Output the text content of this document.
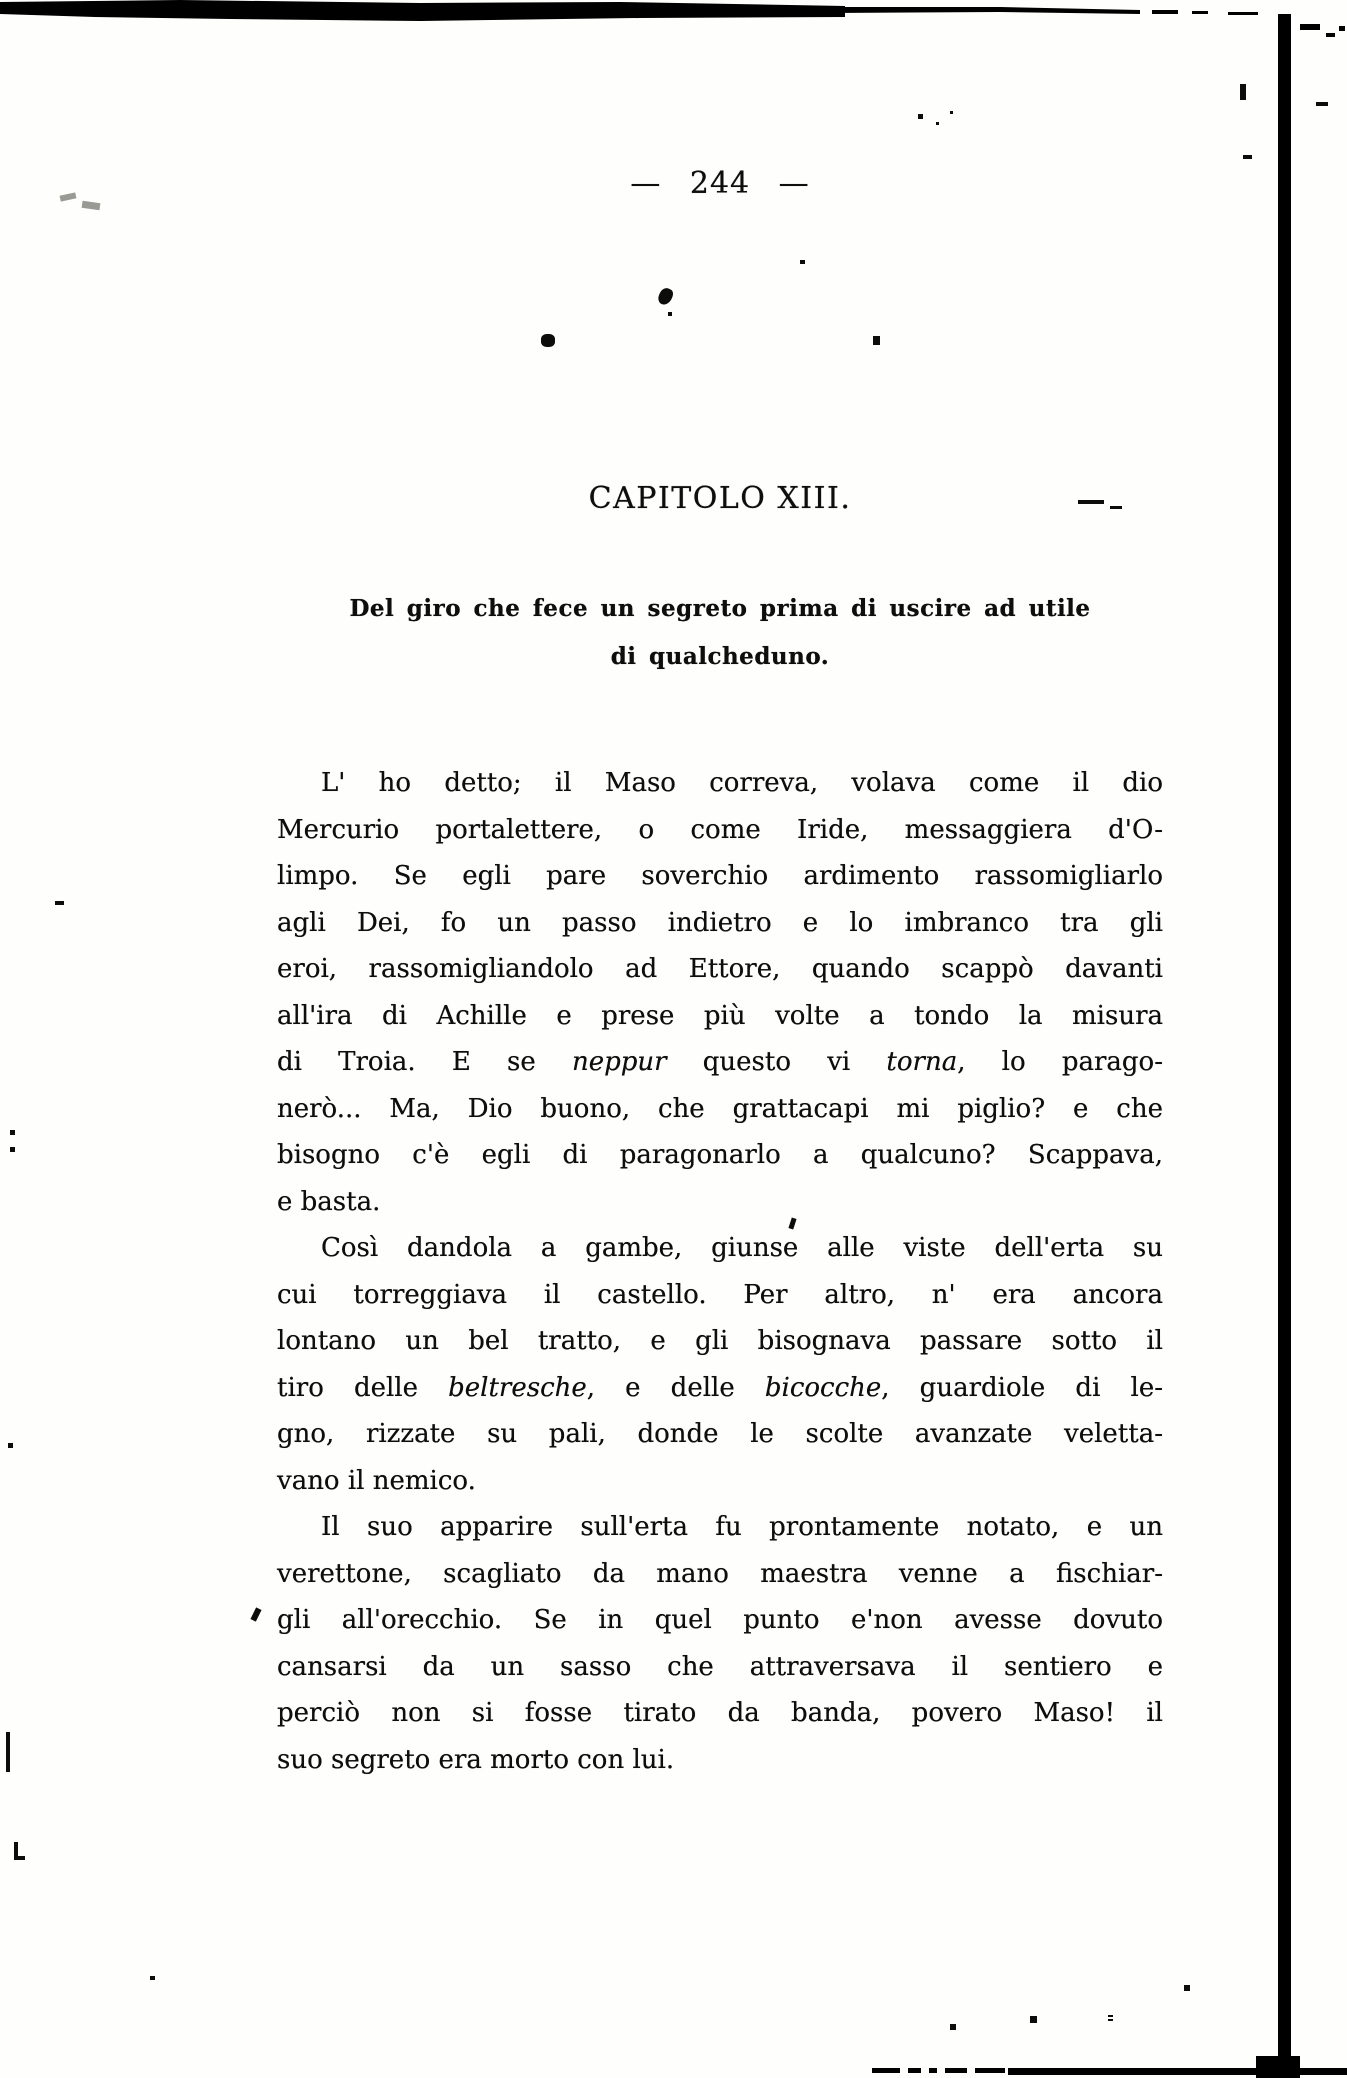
— 244 —
CAPITOLO XIII.
Del giro che fece un segreto prima di uscire ad utile
di qualcheduno.
L' ho detto; il Maso correva, volava come il dio
Mercurio portalettere, o come Iride, messaggiera d'O-
limpo. Se egli pare soverchio ardimento rassomigliarlo
agli Dei, fo un passo indietro e lo imbranco tra gli
eroi, rassomigliandolo ad Ettore, quando scappò davanti
all'ira di Achille e prese più volte a tondo la misura
di Troia. E se neppur questo vi torna, lo parago-
nerò... Ma, Dio buono, che grattacapi mi piglio? e che
bisogno c'è egli di paragonarlo a qualcuno? Scappava,
e basta.
Così dandola a gambe, giunse alle viste dell'erta su
cui torreggiava il castello. Per altro, n' era ancora
lontano un bel tratto, e gli bisognava passare sotto il
tiro delle beltresche, e delle bicocche, guardiole di le-
gno, rizzate su pali, donde le scolte avanzate veletta-
vano il nemico.
Il suo apparire sull'erta fu prontamente notato, e un
verettone, scagliato da mano maestra venne a fischiar-
gli all'orecchio. Se in quel punto e'non avesse dovuto
cansarsi da un sasso che attraversava il sentiero e
perciò non si fosse tirato da banda, povero Maso! il
suo segreto era morto con lui.
